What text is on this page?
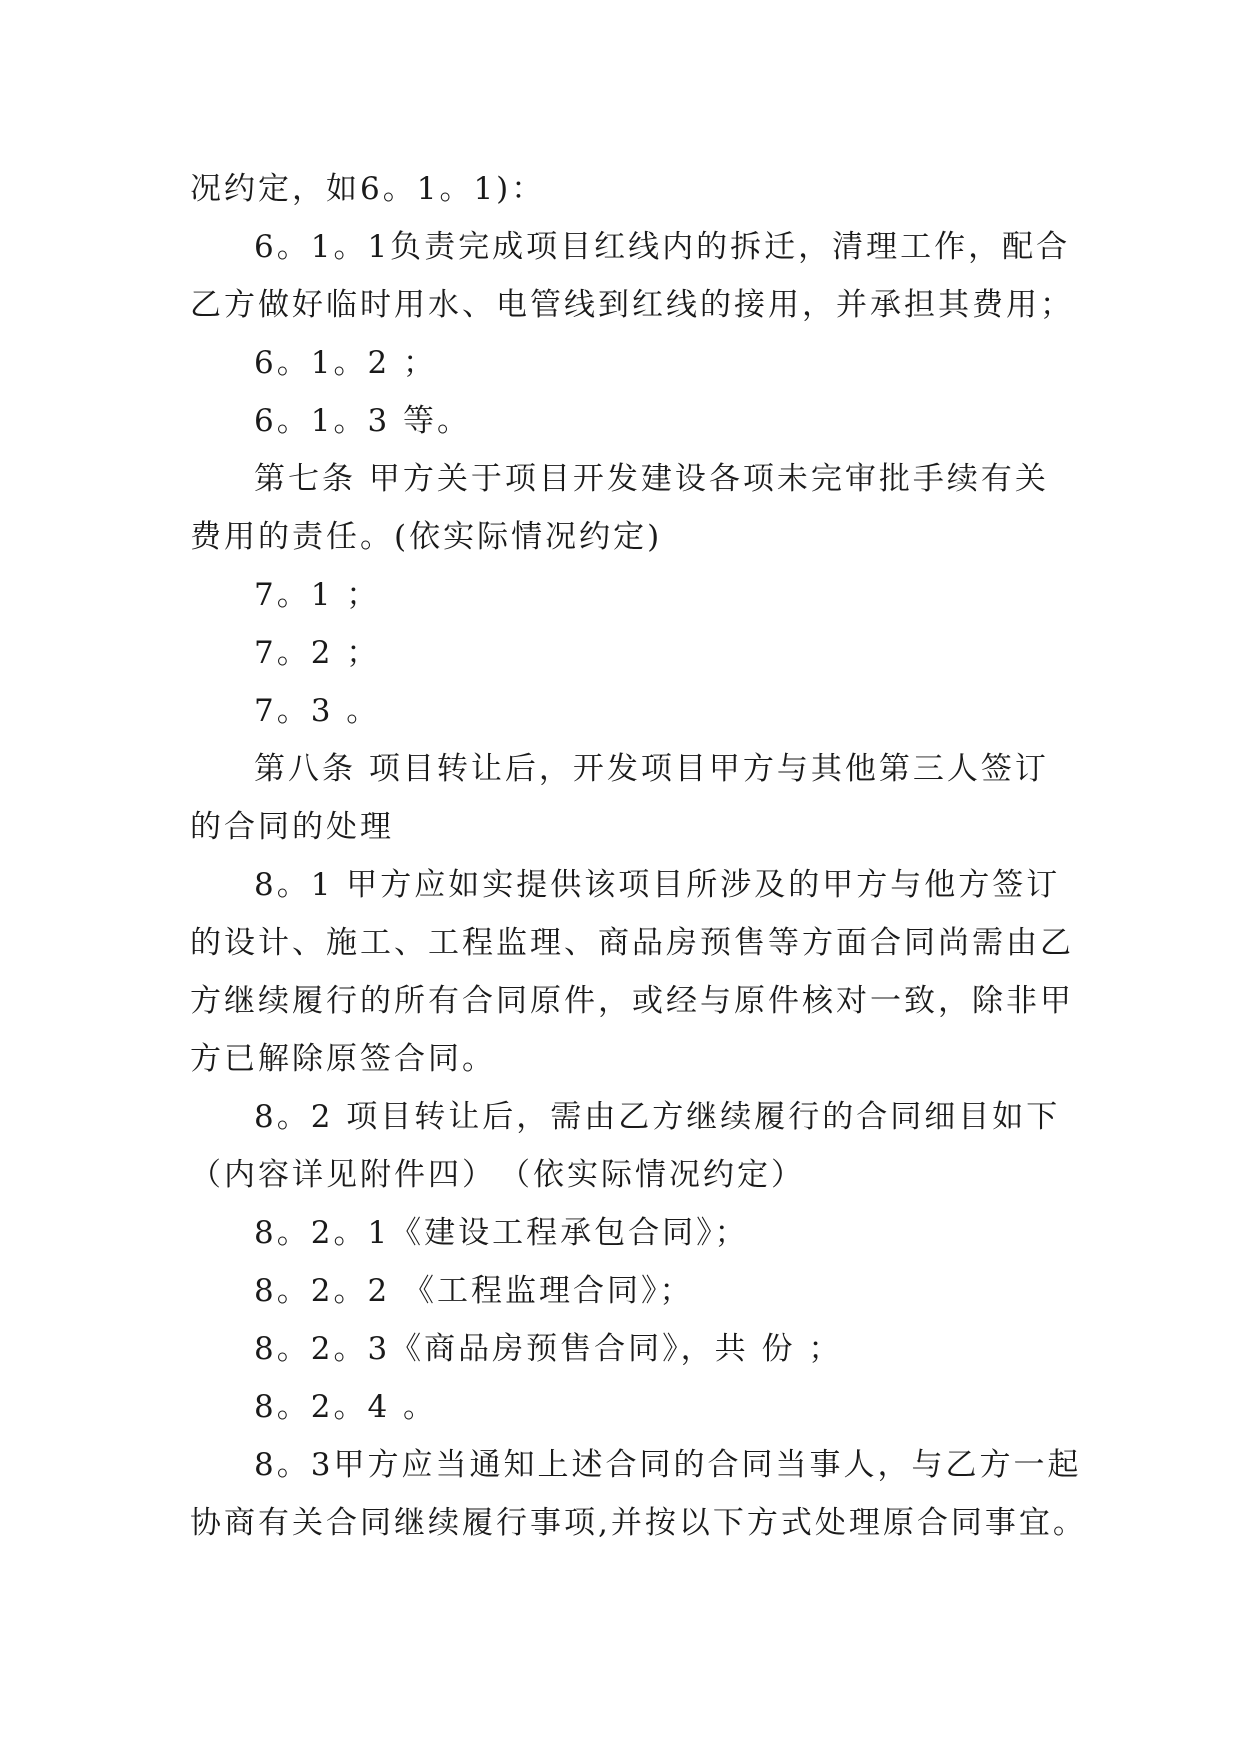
况约定，如6。1。1)：
6。1。1负责完成项目红线内的拆迁，清理工作，配合
乙方做好临时用水、电管线到红线的接用，并承担其费用；
6。1。2 ；
6。1。3 等。
第七条 甲方关于项目开发建设各项未完审批手续有关
费用的责任。(依实际情况约定)
7。1 ；
7。2 ；
7。3 。
第八条 项目转让后，开发项目甲方与其他第三人签订
的合同的处理
8。1 甲方应如实提供该项目所涉及的甲方与他方签订
的设计、施工、工程监理、商品房预售等方面合同尚需由乙
方继续履行的所有合同原件，或经与原件核对一致，除非甲
方已解除原签合同。
8。2 项目转让后，需由乙方继续履行的合同细目如下
（内容详见附件四）　（依实际情况约定）
8。2。1《建设工程承包合同》；
8。2。2 《工程监理合同》；
8。2。3《商品房预售合同》，共 份 ；
8。2。4 。
8。3甲方应当通知上述合同的合同当事人，与乙方一起
协商有关合同继续履行事项,并按以下方式处理原合同事宜。
